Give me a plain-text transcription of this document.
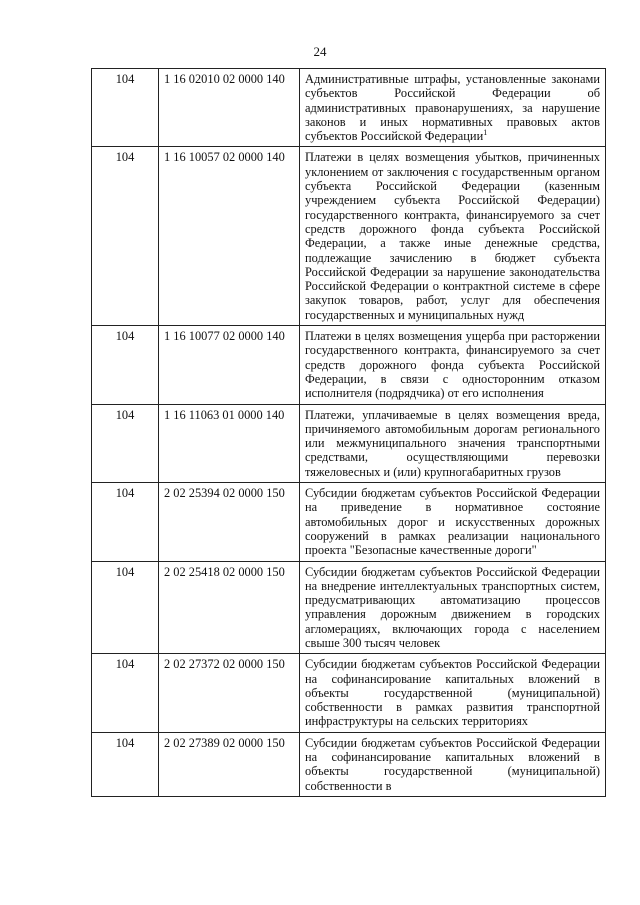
24
104	1 16 02010 02 0000 140	Административные штрафы, установленные законами субъектов Российской Федерации об административных правонарушениях, за нарушение законов и иных нормативных правовых актов субъектов Российской Федерации$^1$
104	1 16 10057 02 0000 140	Платежи в целях возмещения убытков, причиненных уклонением от заключения с государственным органом субъекта Российской Федерации (казенным учреждением субъекта Российской Федерации) государственного контракта, финансируемого за счет средств дорожного фонда субъекта Российской Федерации, а также иные денежные средства, подлежащие зачислению в бюджет субъекта Российской Федерации за нарушение законодательства Российской Федерации о контрактной системе в сфере закупок товаров, работ, услуг для обеспечения государственных и муниципальных нужд
104	1 16 10077 02 0000 140	Платежи в целях возмещения ущерба при расторжении государственного контракта, финансируемого за счет средств дорожного фонда субъекта Российской Федерации, в связи с односторонним отказом исполнителя (подрядчика) от его исполнения
104	1 16 11063 01 0000 140	Платежи, уплачиваемые в целях возмещения вреда, причиняемого автомобильным дорогам регионального или межмуниципального значения транспортными средствами, осуществляющими перевозки тяжеловесных и (или) крупногабаритных грузов
104	2 02 25394 02 0000 150	Субсидии бюджетам субъектов Российской Федерации на приведение в нормативное состояние автомобильных дорог и искусственных дорожных сооружений в рамках реализации национального проекта "Безопасные качественные дороги"
104	2 02 25418 02 0000 150	Субсидии бюджетам субъектов Российской Федерации на внедрение интеллектуальных транспортных систем, предусматривающих автоматизацию процессов управления дорожным движением в городских агломерациях, включающих города с населением свыше 300 тысяч человек
104	2 02 27372 02 0000 150	Субсидии бюджетам субъектов Российской Федерации на софинансирование капитальных вложений в объекты государственной (муниципальной) собственности в рамках развития транспортной инфраструктуры на сельских территориях
104	2 02 27389 02 0000 150	Субсидии бюджетам субъектов Российской Федерации на софинансирование капитальных вложений в объекты государственной (муниципальной) собственности в
